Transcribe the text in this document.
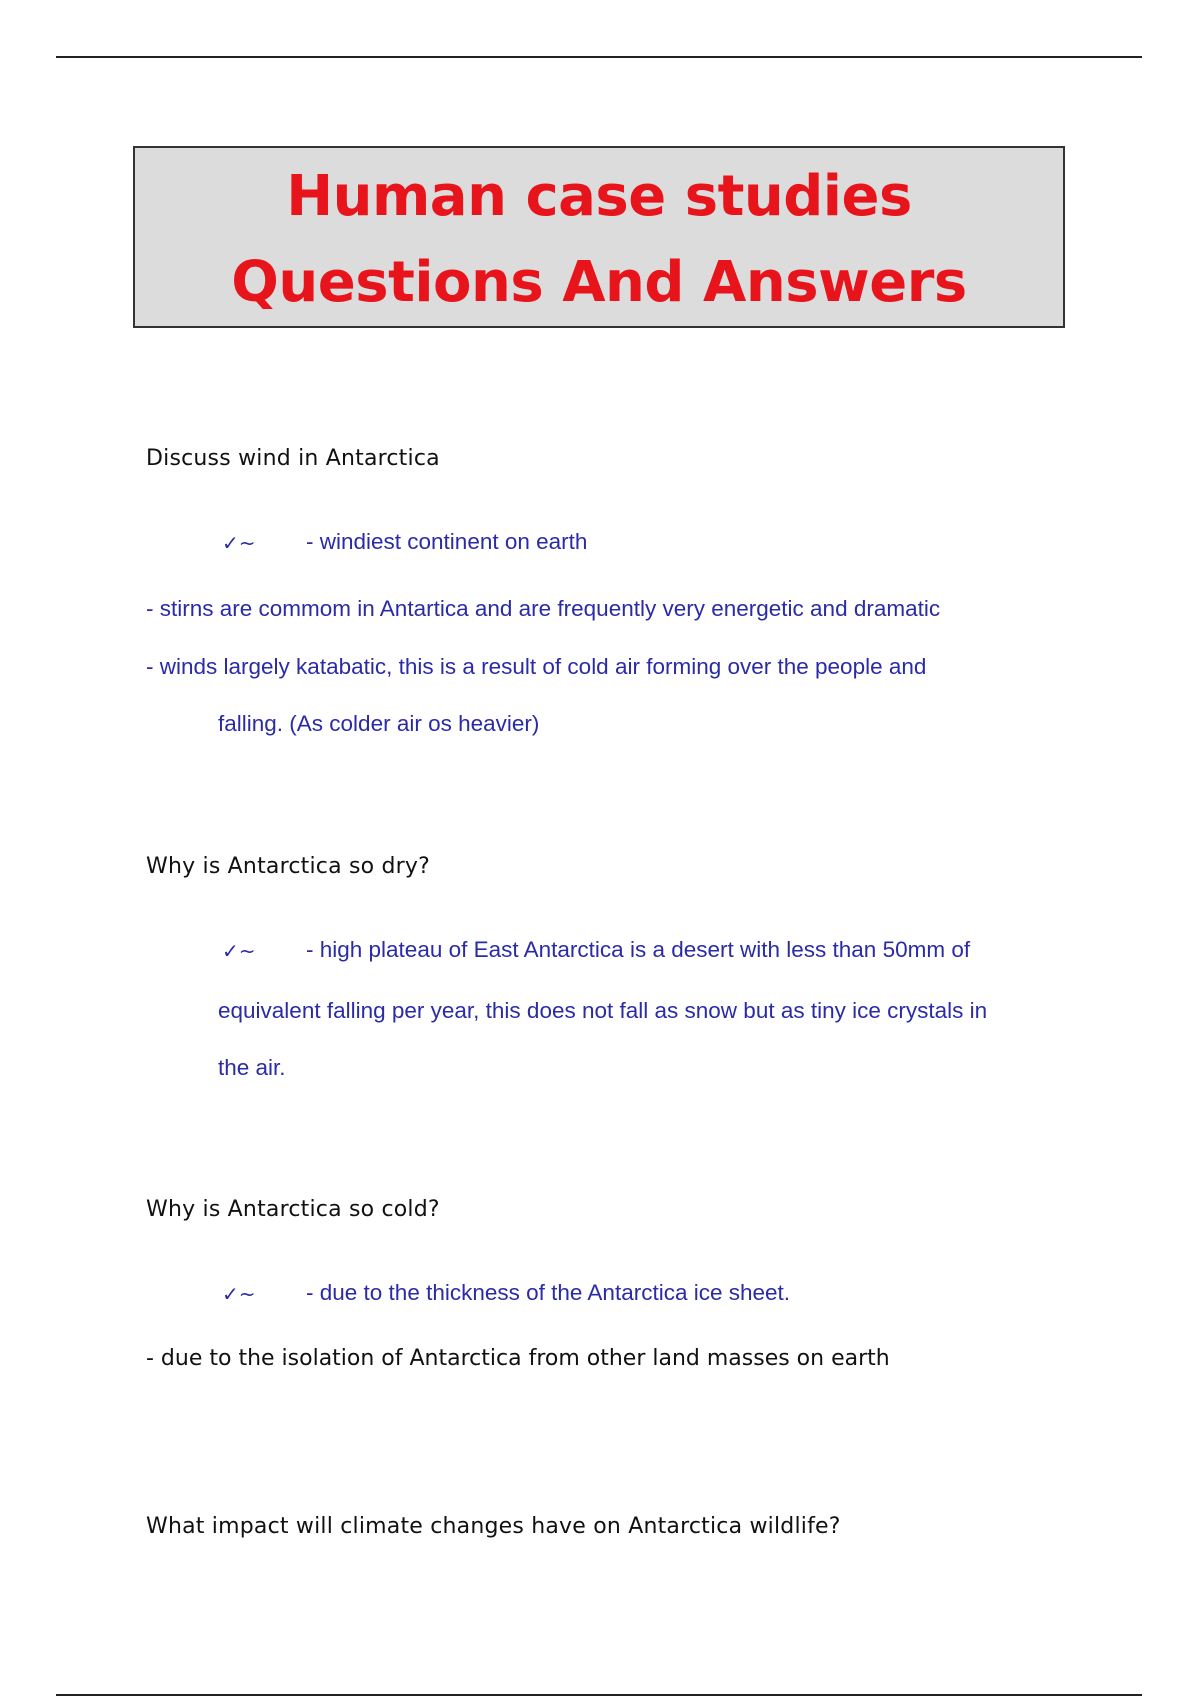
Human case studies
Questions And Answers
Discuss wind in Antarctica
✓~ - windiest continent on earth
- stirns are commom in Antartica and are frequently very energetic and dramatic
- winds largely katabatic, this is a result of cold air forming over the people and
falling. (As colder air os heavier)
Why is Antarctica so dry?
✓~ - high plateau of East Antarctica is a desert with less than 50mm of
equivalent falling per year, this does not fall as snow but as tiny ice crystals in
the air.
Why is Antarctica so cold?
✓~ - due to the thickness of the Antarctica ice sheet.
- due to the isolation of Antarctica from other land masses on earth
What impact will climate changes have on Antarctica wildlife?
